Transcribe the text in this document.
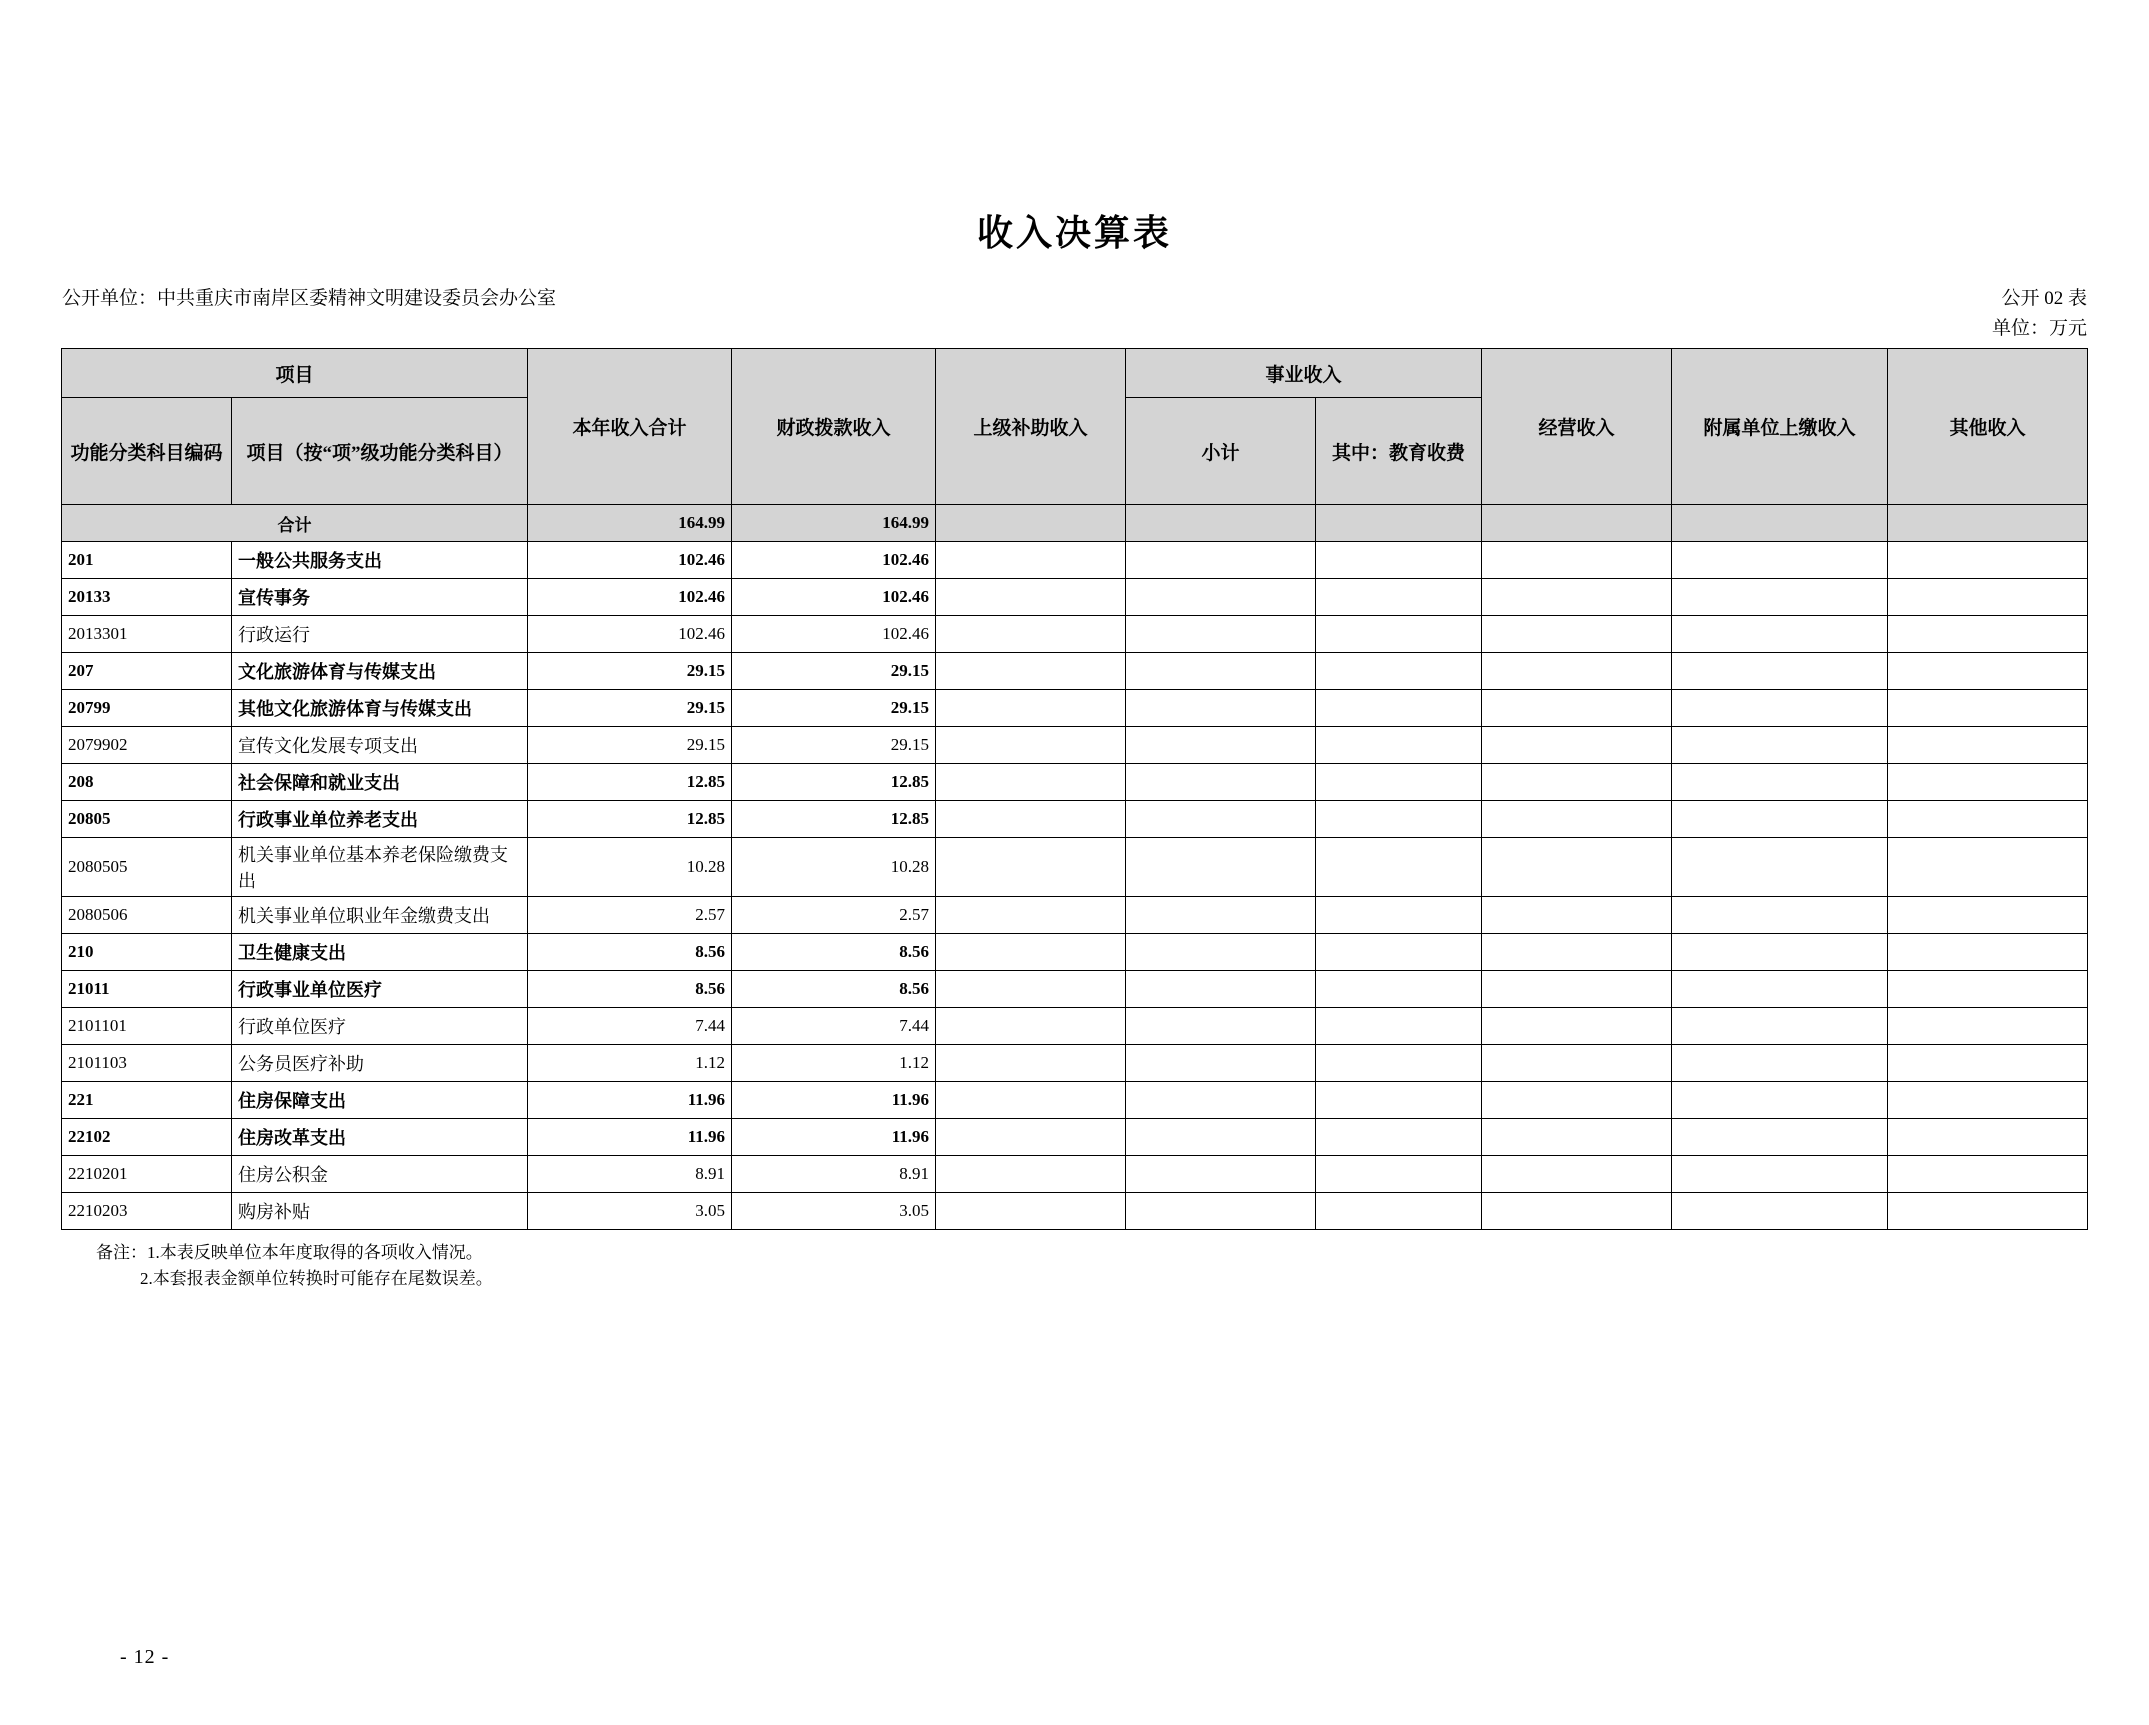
收入决算表
公开单位：中共重庆市南岸区委精神文明建设委员会办公室	公开 02 表
单位：万元
项目		本年收入合计	财政拨款收入	上级补助收入	事业收入		经营收入	附属单位上缴收入	其他收入
功能分类科目编码	项目（按“项”级功能分类科目）				小计	其中：教育收费			
合计		164.99	164.99						
201	一般公共服务支出	102.46	102.46						
20133	宣传事务	102.46	102.46						
2013301	行政运行	102.46	102.46						
207	文化旅游体育与传媒支出	29.15	29.15						
20799	其他文化旅游体育与传媒支出	29.15	29.15						
2079902	宣传文化发展专项支出	29.15	29.15						
208	社会保障和就业支出	12.85	12.85						
20805	行政事业单位养老支出	12.85	12.85						
2080505	机关事业单位基本养老保险缴费支出	10.28	10.28						
2080506	机关事业单位职业年金缴费支出	2.57	2.57						
210	卫生健康支出	8.56	8.56						
21011	行政事业单位医疗	8.56	8.56						
2101101	行政单位医疗	7.44	7.44						
2101103	公务员医疗补助	1.12	1.12						
221	住房保障支出	11.96	11.96						
22102	住房改革支出	11.96	11.96						
2210201	住房公积金	8.91	8.91						
2210203	购房补贴	3.05	3.05						
备注：1.本表反映单位本年度取得的各项收入情况。
2.本套报表金额单位转换时可能存在尾数误差。
- 12 -
